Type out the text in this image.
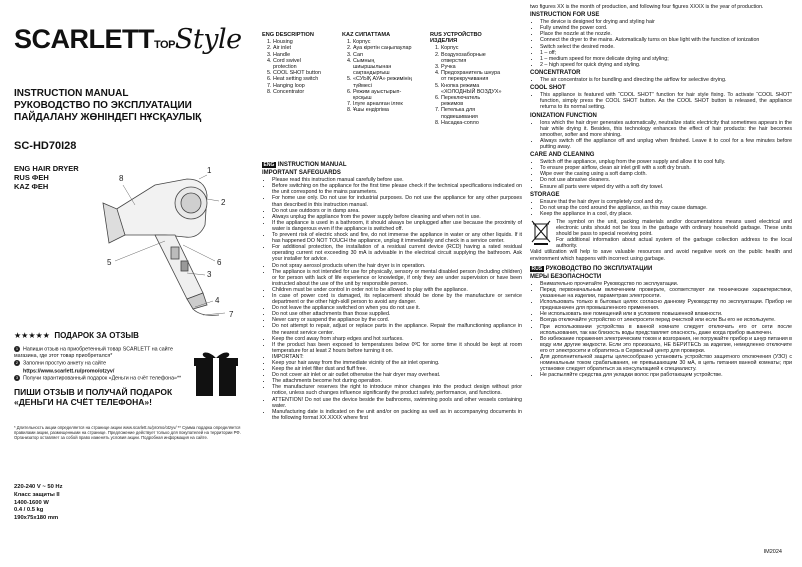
SCARLETTTOPStyle
INSTRUCTION MANUAL
РУКОВОДСТВО ПО ЭКСПЛУАТАЦИИ
ПАЙДАЛАНУ ЖӨНІНДЕГІ НҰСҚАУЛЫҚ
SC-HD70I28
ENG HAIR DRYER
RUS ФЕН
KAZ ФЕН
8
1
2
3
4
5	6
7
ENG DESCRIPTION
1. Housing
2. Air inlet
3. Handle
4. Cord swivel protection
5. COOL SHOT button
6. Heat setting switch
7. Hanging loop
8. Concentrator
KAZ СИПАТТАМА
1. Корпус
2. Ауа кіретін саңылаулар
3. Сап
4. Сымның шиыршылынан сақтандырғыш
5. «СУЫҚ АУА» режимінің түймесі
6. Режим ауыстырып-қосқыш
7. Ілуге арналған ілгек
8. Ұшы ендіргіма
RUS УСТРОЙСТВО ИЗДЕЛИЯ
1. Корпус
2. Воздухозаборные отверстия
3. Ручка
4. Предохранитель шнура от перекручивания
5. Кнопка режима «ХОЛОДНЫЙ ВОЗДУХ»
6. Переключатель режимов
7. Петелька для подвешивания
8. Насадка-сопло
ENG INSTRUCTION MANUAL
IMPORTANT SAFEGUARDS
• Please read this instruction manual carefully before use.
• Before switching on the appliance for the first time please check if the technical specifications indicated on the unit correspond to the mains parameters.
• For home use only. Do not use for industrial purposes. Do not use the appliance for any other purposes than described in this instruction manual.
• Do not use outdoors or in damp area.
• Always unplug the appliance from the power supply before cleaning and when not in use.
• If the appliance is used in a bathroom, it should always be unplugged after use because the proximity of water is dangerous even if the appliance is switched off.
• To prevent risk of electric shock and fire, do not immerse the appliance in water or any other liquids. If it has happened DO NOT TOUCH the appliance, unplug it immediately and check in a service center.
• For additional protection, the installation of a residual current device (RCD) having a rated residual operating current not exceeding 30 mA is advisable in the electrical circuit supplying the bathroom. Ask your installer for advice.
• Do not spray aerosol products when the hair dryer is in operation.
• The appliance is not intended for use for physically, sensory or mental disabled person (including children) or for person with lack of life experience or knowledge, if only they are under supervision or have been instructed about the use of the unit by responsible person.
• Children must be under control in order not to be allowed to play with the appliance.
• In case of power cord is damaged, its replacement should be done by the manufacture or service department or the other high-skill person to avoid any danger.
• Do not leave the appliance switched on when you do not use it.
• Do not use other attachments than those supplied.
• Never carry or suspend the appliance by the cord.
• Do not attempt to repair, adjust or replace parts in the appliance. Repair the malfunctioning appliance in the nearest service center.
• Keep the cord away from sharp edges and hot surfaces.
• If the product has been exposed to temperatures below 0ºC for some time it should be kept at room temperature for at least 2 hours before turning it on.
• IMPORTANT:
• Keep your hair away from the immediate vicinity of the air inlet opening.
• Keep the air inlet filter dust and fluff free.
• Do not cover air inlet or air outlet otherwise the hair dryer may overheat.
• The attachments become hot during operation.
• The manufacturer reserves the right to introduce minor changes into the product design without prior notice, unless such changes influence significantly the product safety, performance, and functions.
• ATTENTION! Do not use the device beside the bathrooms, swimming pools and other vessels containing water.
• Manufacturing date is indicated on the unit and/or on packing as well as in accompanying documents in the following format XX.XXXX where first

two figures XX is the month of production, and following four figures XXXX is the year of production.

INSTRUCTION FOR USE
• The device is designed for drying and styling hair
• Fully unwind the power cord.
• Place the nozzle at the nozzle.
• Connect the dryer to the mains. Automatically turns on blue light with the function of ionization
• Switch select the desired mode.
• 1 – off;
• 1 – medium speed for more delicate drying and styling;
• 2 – high speed for quick drying and styling.
CONCENTRATOR
• The air concentrator is for bundling and directing the airflow for selective drying.
COOL SHOT
• This appliance is featured with “COOL SHOT” function for hair style fixing. To activate “COOL SHOT” function, simply press the COOL SHOT button. As the COOL SHOT button is released, the appliance returns to its normal setting.
IONIZATION FUNCTION
• Ions which the hair dryer generates automatically, neutralize static electricity that sometimes appears in the hair while drying it. Besides, this technology enhances the effect of hair products: the hair becomes smoother, softer and more shining.
• Always switch off the appliance off and unplug when finished. Leave it to cool for a few minutes before putting away.
CARE AND CLEANING
• Switch off the appliance, unplug from the power supply and allow it to cool fully.
• To ensure proper airflow, clean air inlet grill with a soft dry brush.
• Wipe over the casing using a soft damp cloth.
• Do not use abrasive cleaners.
• Ensure all parts were wiped dry with a soft dry towel.
STORAGE
• Ensure that the hair dryer is completely cool and dry.
• Do not wrap the cord around the appliance, as this may cause damage.
• Keep the appliance in a cool, dry place.

The symbol on the unit, packing materials and/or documentations means used electrical and electronic units should not be toss in the garbage with ordinary household garbage. These units should be pass to special receiving point.

For additional information about actual system of the garbage collection address to the local authority.

Valid utilization will help to save valuable resources and avoid negative work on the public health and environment which happens with incorrect using garbage.

RUS РУКОВОДСТВО ПО ЭКСПЛУАТАЦИИ
МЕРЫ БЕЗОПАСНОСТИ
• Внимательно прочитайте Руководство по эксплуатации.
• Перед первоначальным включением проверьте, соответствуют ли технические характеристики, указанные на изделии, параметрам электросети.
• Использовать только в бытовых целях согласно данному Руководству по эксплуатации. Прибор не предназначен для промышленного применения.
• Не использовать вне помещений или в условиях повышенной влажности.
• Всегда отключайте устройство от электросети перед очисткой или если Вы его не используете.
• При использовании устройства в ванной комнате следует отключать его от сети после использования, так как близость воды представляет опасность, даже когда прибор выключен.
• Во избежание поражения электрическим током и возгорания, не погружайте прибор и шнур питания в воду или другие жидкости. Если это произошло, НЕ БЕРИТЕСЬ за изделие, немедленно отключите его от электросети и обратитесь в Сервисный центр для проверки.
• Для дополнительной защиты целесообразно установить устройство защитного отключения (УЗО) с номинальным током срабатывания, не превышающим 30 мА, в цепь питания ванной комнаты; при установке следует обратиться за консультацией к специалисту.
• Не распыляйте средства для укладки волос при работающем устройстве.
IM2024
★★★★★ ПОДАРОК ЗА ОТЗЫВ
1 Напиши отзыв на приобретенный товар SCARLETT на сайте магазина, где этот товар приобретался*
2 Заполни простую анкету на сайте
https://www.scarlett.ru/promo/otzyv/
3 Получи гарантированный подарок «Деньги на счёт телефона»**
ПИШИ ОТЗЫВ И ПОЛУЧАЙ ПОДАРОК «ДЕНЬГИ НА СЧЁТ ТЕЛЕФОНА»!
* Длительность акции определяется на странице акции www.scarlett.ru/promo/otzyv/ ** Сумма подарка определяется правилами акции, размещенными на странице. Предложение действует только для покупателей на территории РФ. Организатор оставляет за собой право изменять условия акции. Подробная информация на сайте.
220-240 V ~ 50 Hz
Класс защиты II
1400-1600 W
0.4 / 0.5 kg
190x75x180 mm
